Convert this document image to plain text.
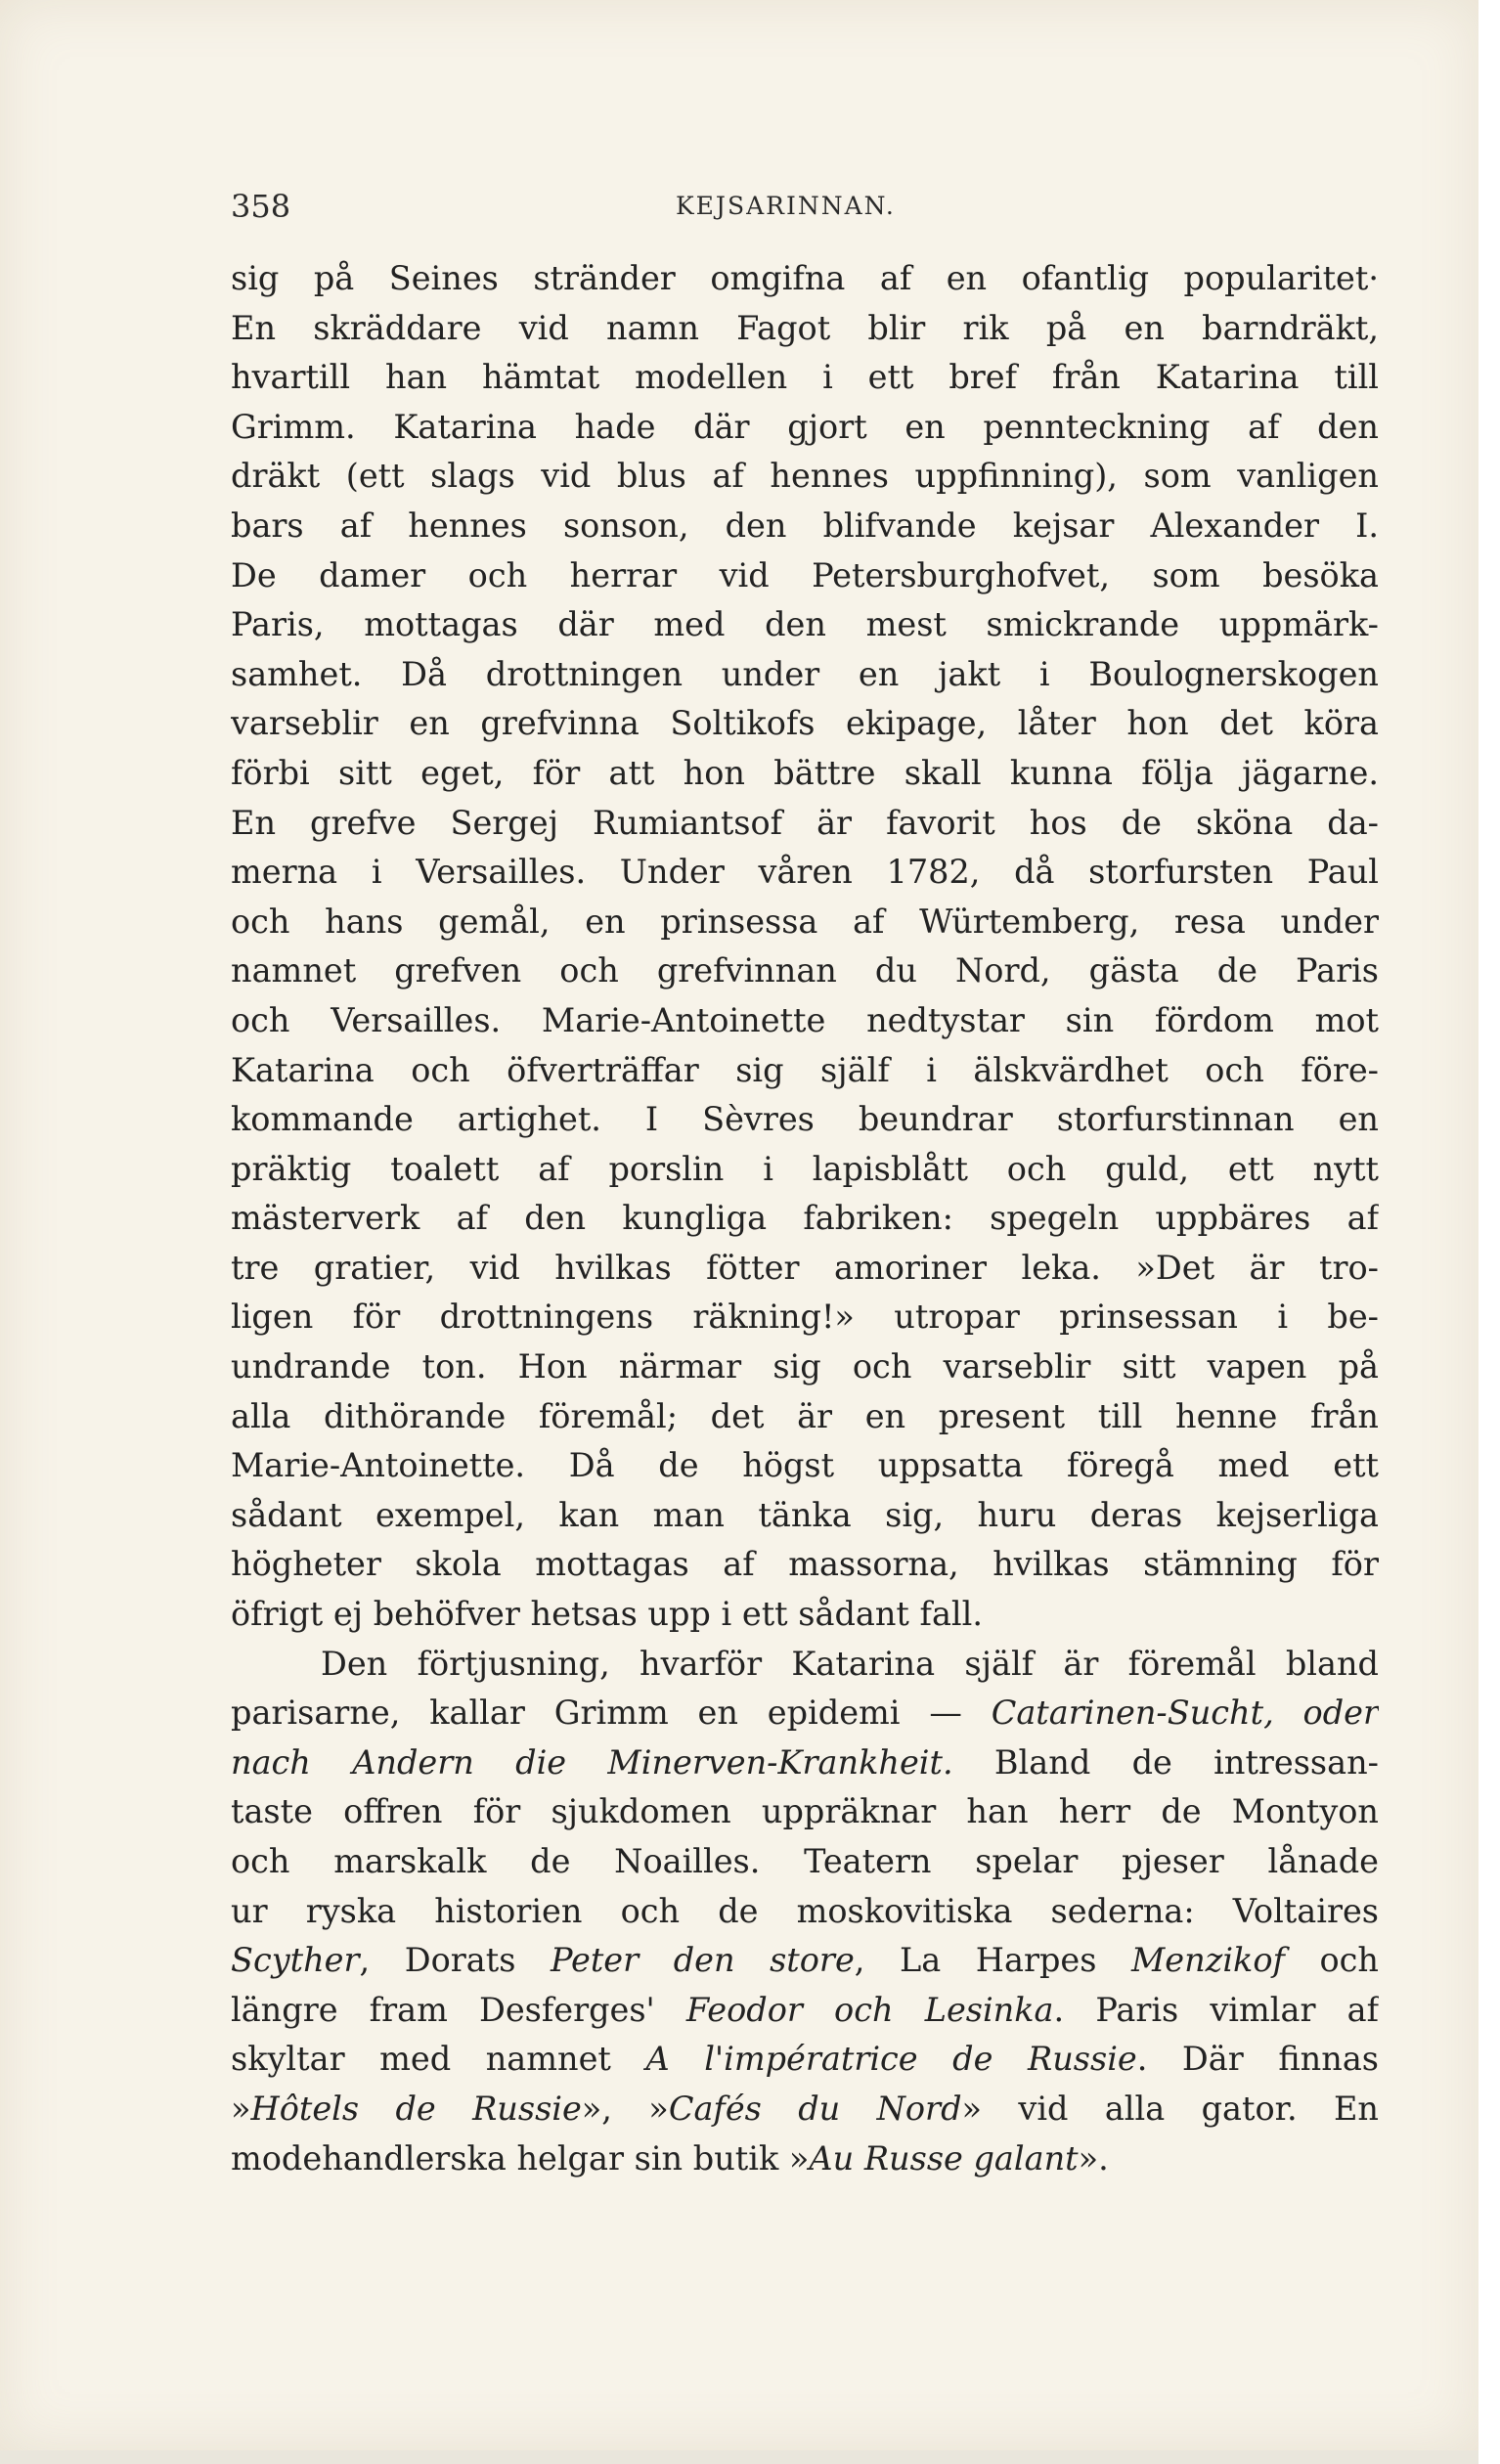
358	KEJSARINNAN.
sig på Seines stränder omgifna af en ofantlig popularitet·
En skräddare vid namn Fagot blir rik på en barndräkt,
hvartill han hämtat modellen i ett bref från Katarina till
Grimm. Katarina hade där gjort en pennteckning af den
dräkt (ett slags vid blus af hennes uppfinning), som vanligen
bars af hennes sonson, den blifvande kejsar Alexander I.
De damer och herrar vid Petersburghofvet, som besöka
Paris, mottagas där med den mest smickrande uppmärk-
samhet. Då drottningen under en jakt i Boulognerskogen
varseblir en grefvinna Soltikofs ekipage, låter hon det köra
förbi sitt eget, för att hon bättre skall kunna följa jägarne.
En grefve Sergej Rumiantsof är favorit hos de sköna da-
merna i Versailles. Under våren 1782, då storfursten Paul
och hans gemål, en prinsessa af Würtemberg, resa under
namnet grefven och grefvinnan du Nord, gästa de Paris
och Versailles. Marie-Antoinette nedtystar sin fördom mot
Katarina och öfverträffar sig själf i älskvärdhet och före-
kommande artighet. I Sèvres beundrar storfurstinnan en
präktig toalett af porslin i lapisblått och guld, ett nytt
mästerverk af den kungliga fabriken: spegeln uppbäres af
tre gratier, vid hvilkas fötter amoriner leka. »Det är tro-
ligen för drottningens räkning!» utropar prinsessan i be-
undrande ton. Hon närmar sig och varseblir sitt vapen på
alla dithörande föremål; det är en present till henne från
Marie-Antoinette. Då de högst uppsatta föregå med ett
sådant exempel, kan man tänka sig, huru deras kejserliga
högheter skola mottagas af massorna, hvilkas stämning för
öfrigt ej behöfver hetsas upp i ett sådant fall.
Den förtjusning, hvarför Katarina själf är föremål bland
parisarne, kallar Grimm en epidemi — Catarinen-Sucht, oder
nach Andern die Minerven-Krankheit. Bland de intressan-
taste offren för sjukdomen uppräknar han herr de Montyon
och marskalk de Noailles. Teatern spelar pjeser lånade
ur ryska historien och de moskovitiska sederna: Voltaires
Scyther, Dorats Peter den store, La Harpes Menzikof och
längre fram Desferges' Feodor och Lesinka. Paris vimlar af
skyltar med namnet A l'impératrice de Russie. Där finnas
»Hôtels de Russie», »Cafés du Nord» vid alla gator. En
modehandlerska helgar sin butik »Au Russe galant».
